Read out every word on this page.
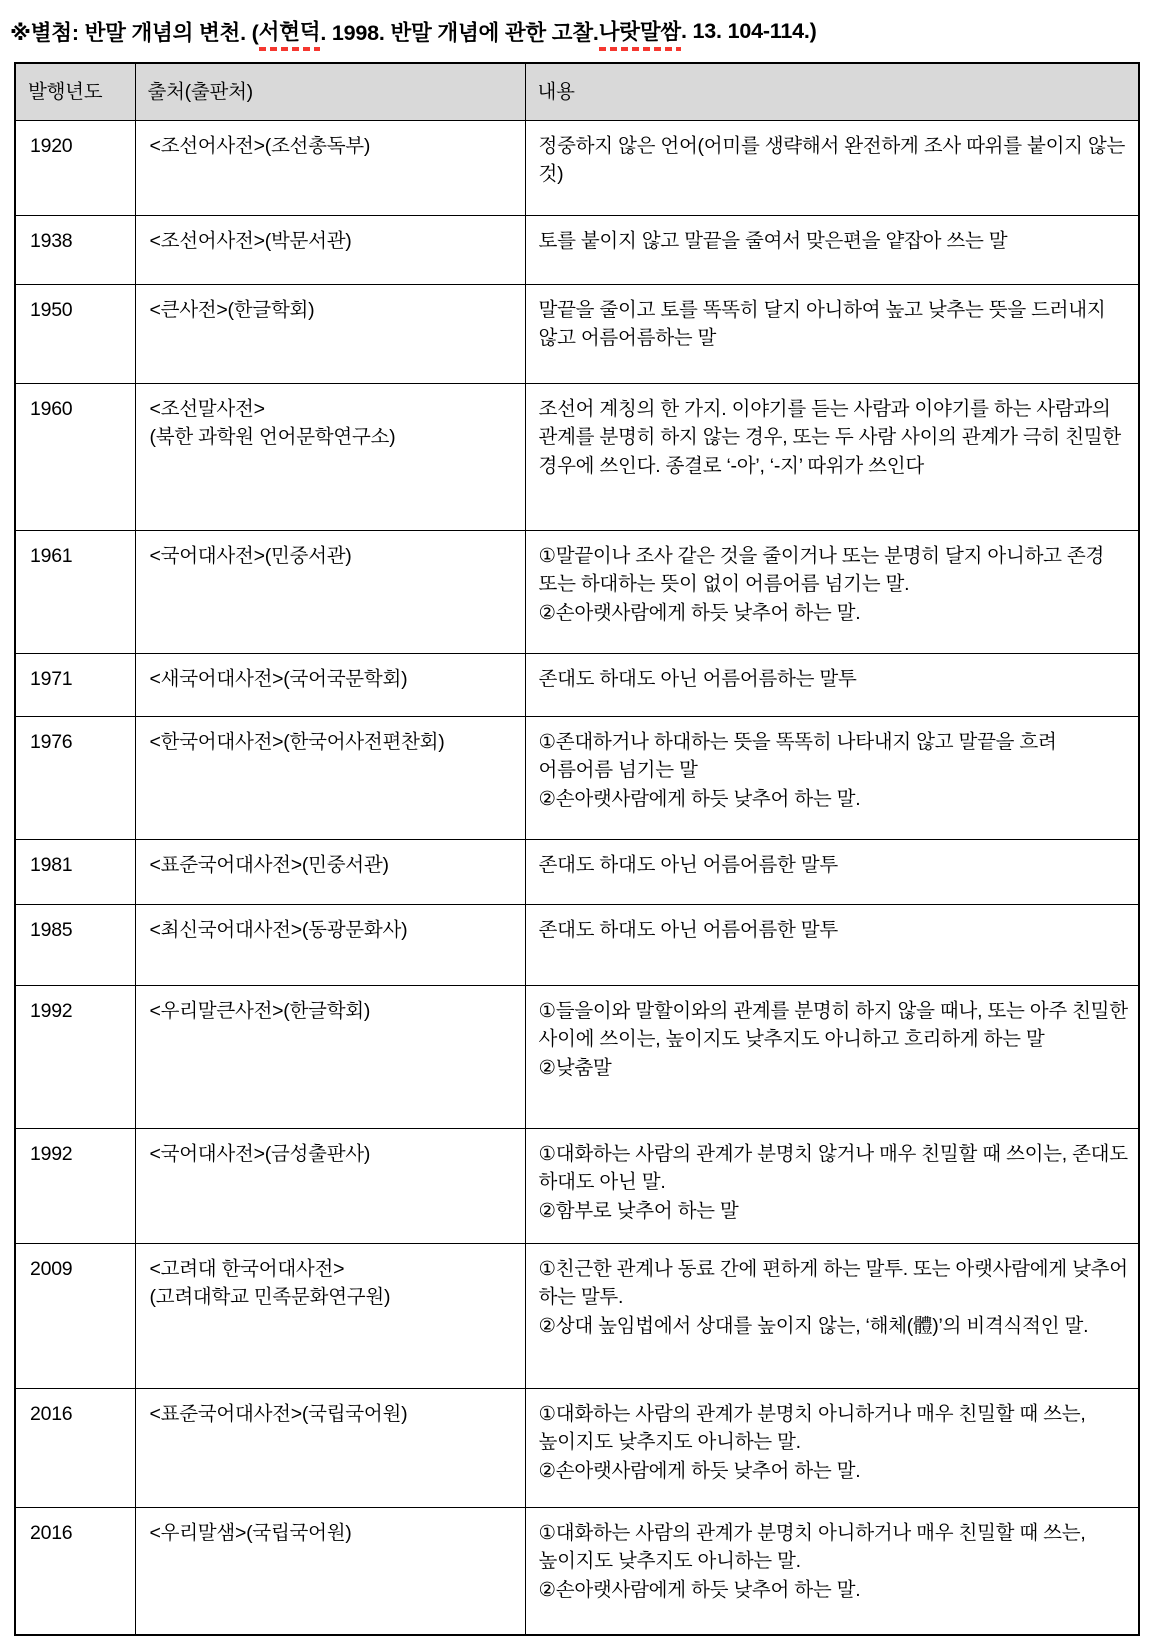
※별첨: 반말 개념의 변천. ( 서현덕 . 1998. 반말 개념에 관한 고찰. 나랏말쌈 . 13. 104-114.)
발행년도	출처(출판처)	내용
1920	<조선어사전>(조선총독부)	정중하지 않은 언어(어미를 생략해서 완전하게 조사 따위를 붙이지 않는 것)

1938	<조선어사전>(박문서관)	토를 붙이지 않고 말끝을 줄여서 맞은편을 얕잡아 쓰는 말

1950	<큰사전>(한글학회)	말끝을 줄이고 토를 똑똑히 달지 아니하여 높고 낮추는 뜻을 드러내지 않고 어름어름하는 말

1960	<조선말사전>
(북한 과학원 언어문학연구소)	조선어 계칭의 한 가지. 이야기를 듣는 사람과 이야기를 하는 사람과의 관계를 분명히 하지 않는 경우, 또는 두 사람 사이의 관계가 극히 친밀한 경우에 쓰인다. 종결로 ‘-아’, ‘-지’ 따위가 쓰인다

1961	<국어대사전>(민중서관)	①말끝이나 조사 같은 것을 줄이거나 또는 분명히 달지 아니하고 존경 또는 하대하는 뜻이 없이 어름어름 넘기는 말.
②손아랫사람에게 하듯 낮추어 하는 말.

1971	<새국어대사전>(국어국문학회)	존대도 하대도 아닌 어름어름하는 말투

1976	<한국어대사전>(한국어사전편찬회)	①존대하거나 하대하는 뜻을 똑똑히 나타내지 않고 말끝을 흐려 어름어름 넘기는 말
②손아랫사람에게 하듯 낮추어 하는 말.

1981	<표준국어대사전>(민중서관)	존대도 하대도 아닌 어름어름한 말투

1985	<최신국어대사전>(동광문화사)	존대도 하대도 아닌 어름어름한 말투

1992	<우리말큰사전>(한글학회)	①들을이와 말할이와의 관계를 분명히 하지 않을 때나, 또는 아주 친밀한 사이에 쓰이는, 높이지도 낮추지도 아니하고 흐리하게 하는 말
②낮춤말

1992	<국어대사전>(금성출판사)	①대화하는 사람의 관계가 분명치 않거나 매우 친밀할 때 쓰이는, 존대도 하대도 아닌 말.
②함부로 낮추어 하는 말

2009	<고려대 한국어대사전>
(고려대학교 민족문화연구원)	①친근한 관계나 동료 간에 편하게 하는 말투. 또는 아랫사람에게 낮추어 하는 말투.
②상대 높임법에서 상대를 높이지 않는, ‘해체(體)’의 비격식적인 말.

2016	<표준국어대사전>(국립국어원)	①대화하는 사람의 관계가 분명치 아니하거나 매우 친밀할 때 쓰는, 높이지도 낮추지도 아니하는 말.
②손아랫사람에게 하듯 낮추어 하는 말.

2016	<우리말샘>(국립국어원)	①대화하는 사람의 관계가 분명치 아니하거나 매우 친밀할 때 쓰는, 높이지도 낮추지도 아니하는 말.
②손아랫사람에게 하듯 낮추어 하는 말.
